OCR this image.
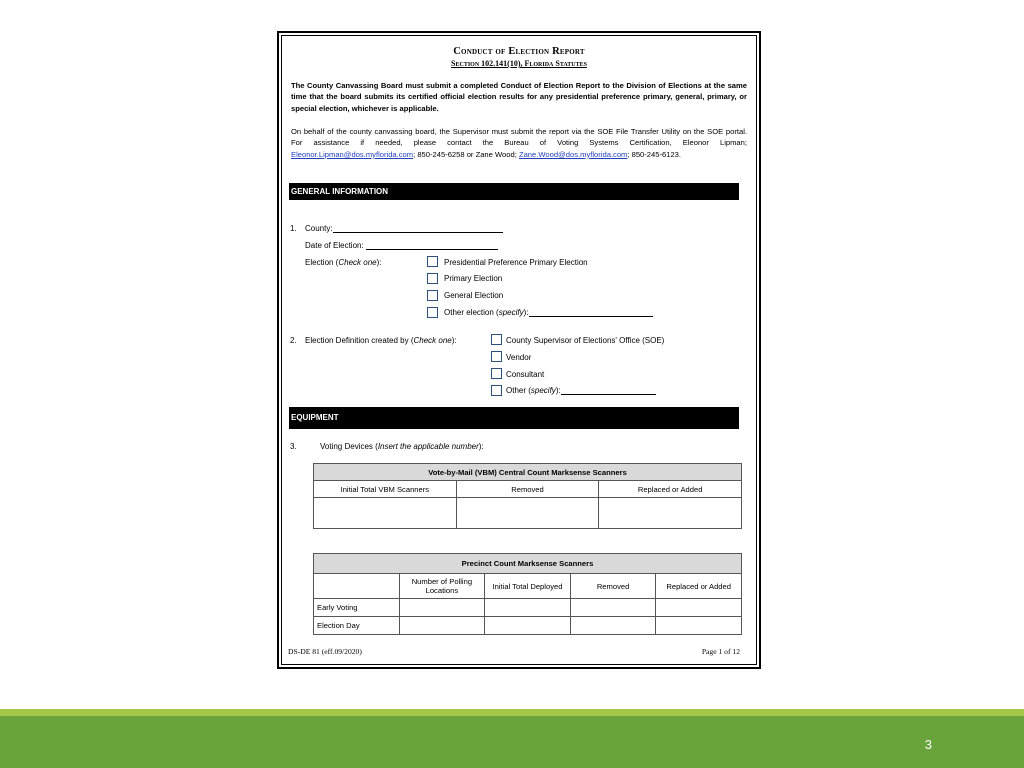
Conduct of Election Report
Section 102.141(10), Florida Statutes
The County Canvassing Board must submit a completed Conduct of Election Report to the Division of Elections at the same time that the board submits its certified official election results for any presidential preference primary, general, primary, or special election, whichever is applicable.
On behalf of the county canvassing board, the Supervisor must submit the report via the SOE File Transfer Utility on the SOE portal. For assistance if needed, please contact the Bureau of Voting Systems Certification, Eleonor Lipman; Eleonor.Lipman@dos.myflorida.com; 850-245-6258 or Zane Wood; Zane.Wood@dos.myflorida.com; 850-245-6123.
GENERAL INFORMATION
1. County:
Date of Election:
Election (Check one):	Presidential Preference Primary Election
Primary Election
General Election
Other election (specify):
2. Election Definition created by (Check one):	County Supervisor of Elections' Office (SOE)
Vendor
Consultant
Other (specify):
EQUIPMENT
3.	Voting Devices (Insert the applicable number):
Vote-by-Mail (VBM) Central Count Marksense Scanners		
Initial Total VBM Scanners	Removed	Replaced or Added

Precinct Count Marksense Scanners				
	Number of Polling Locations	Initial Total Deployed	Removed	Replaced or Added
Early Voting				
Election Day				
DS-DE 81 (eff.09/2020)	Page 1 of 12
3
